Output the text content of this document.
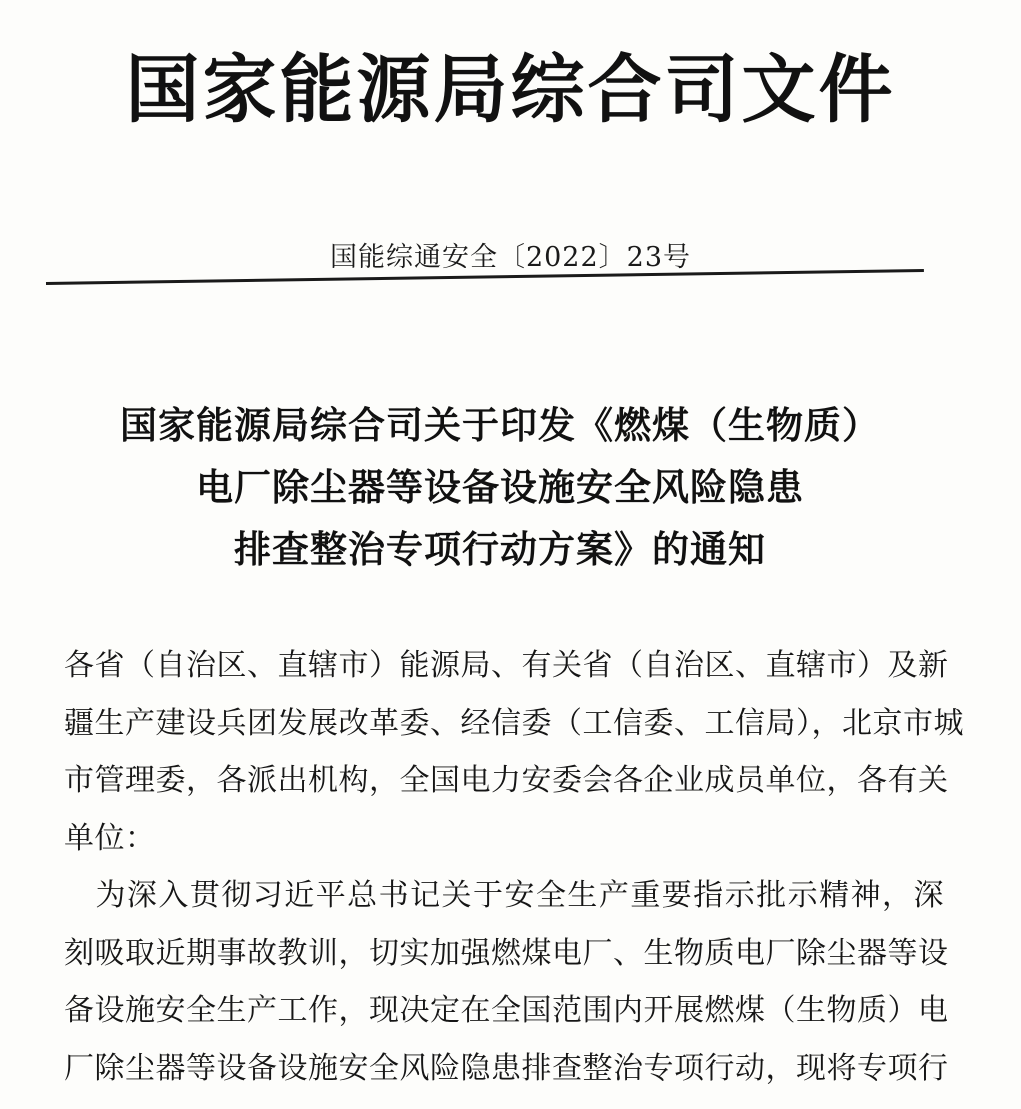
国家能源局综合司文件
国能综通安全〔2022〕23号
国家能源局综合司关于印发《燃煤（生物质）
电厂除尘器等设备设施安全风险隐患
排查整治专项行动方案》的通知
各省（自治区、直辖市）能源局、有关省（自治区、直辖市）及新
疆生产建设兵团发展改革委、经信委（工信委、工信局），北京市城
市管理委，各派出机构，全国电力安委会各企业成员单位，各有关
单位：
　为深入贯彻习近平总书记关于安全生产重要指示批示精神，深
刻吸取近期事故教训，切实加强燃煤电厂、生物质电厂除尘器等设
备设施安全生产工作，现决定在全国范围内开展燃煤（生物质）电
厂除尘器等设备设施安全风险隐患排查整治专项行动，现将专项行
